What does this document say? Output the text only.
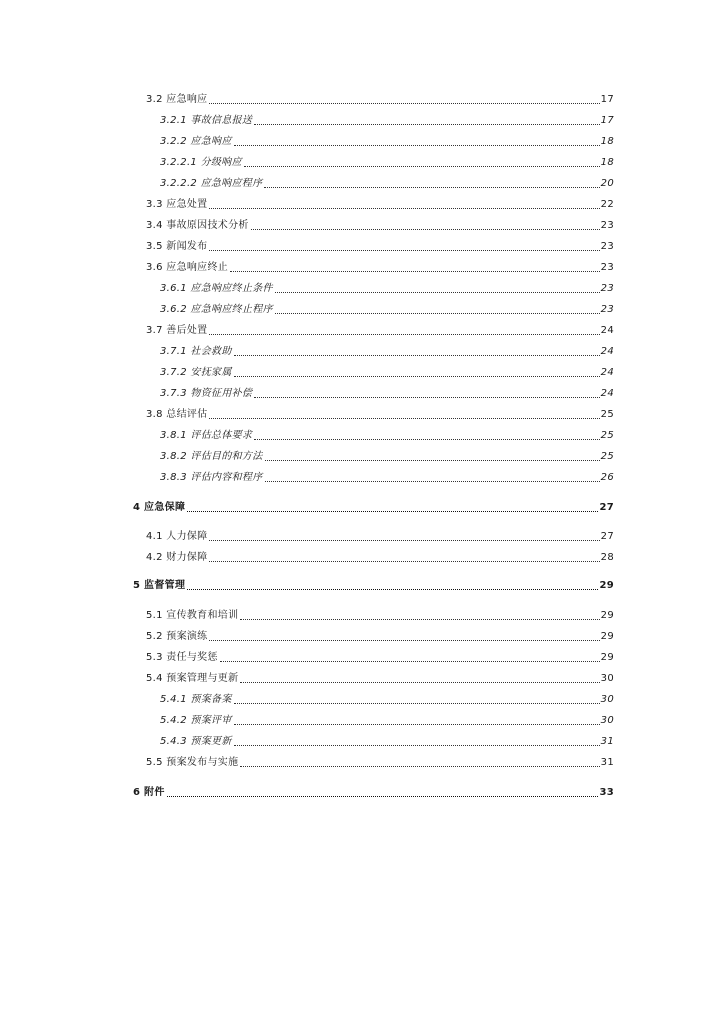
3.2 应急响应	17
3.2.1 事故信息报送	17
3.2.2 应急响应	18
3.2.2.1 分级响应	18
3.2.2.2 应急响应程序	20
3.3 应急处置	22
3.4 事故原因技术分析	23
3.5 新闻发布	23
3.6 应急响应终止	23
3.6.1 应急响应终止条件	23
3.6.2 应急响应终止程序	23
3.7 善后处置	24
3.7.1 社会救助	24
3.7.2 安抚家属	24
3.7.3 物资征用补偿	24
3.8 总结评估	25
3.8.1 评估总体要求	25
3.8.2 评估目的和方法	25
3.8.3 评估内容和程序	26
4 应急保障	27
4.1 人力保障	27
4.2 财力保障	28
5 监督管理	29
5.1 宣传教育和培训	29
5.2 预案演练	29
5.3 责任与奖惩	29
5.4 预案管理与更新	30
5.4.1 预案备案	30
5.4.2 预案评审	30
5.4.3 预案更新	31
5.5 预案发布与实施	31
6 附件	33
